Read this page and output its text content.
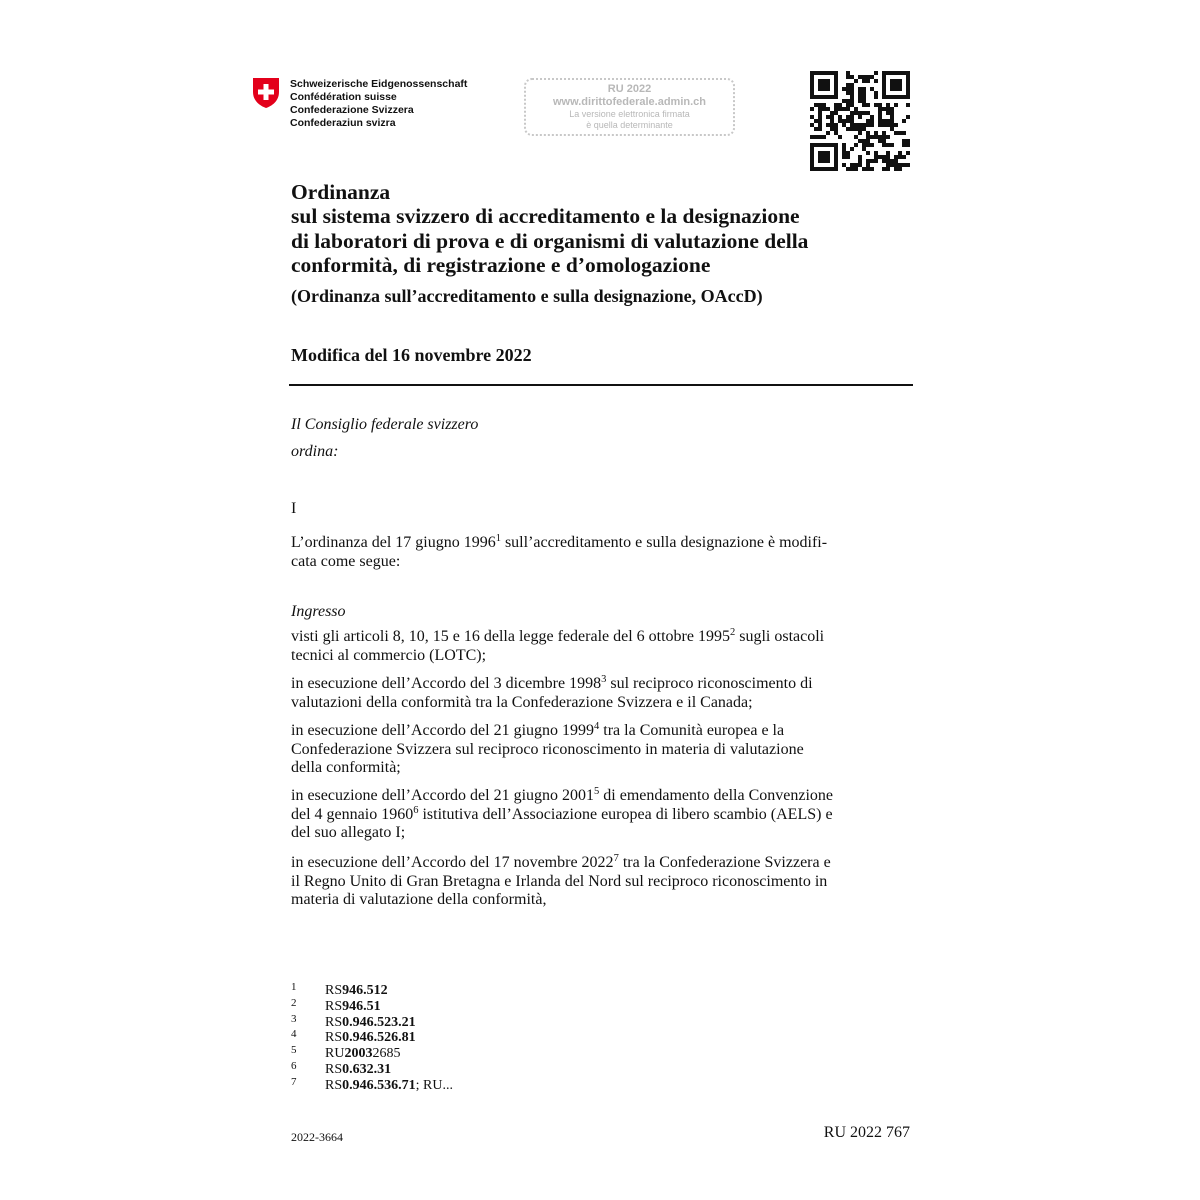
Schweizerische Eidgenossenschaft
Confédération suisse
Confederazione Svizzera
Confederaziun svizra
RU 2022
www.dirittofederale.admin.ch
La versione elettronica firmata
è quella determinante
Ordinanza
sul sistema svizzero di accreditamento e la designazione
di laboratori di prova e di organismi di valutazione della
conformità, di registrazione e d’omologazione
(Ordinanza sull’accreditamento e sulla designazione, OAccD)
Modifica del 16 novembre 2022
Il Consiglio federale svizzero
ordina:
I
L’ordinanza del 17 giugno 1996$^1$ sull’accreditamento e sulla designazione è modifi-
cata come segue:
Ingresso
visti gli articoli 8, 10, 15 e 16 della legge federale del 6 ottobre 1995$^2$ sugli ostacoli
tecnici al commercio (LOTC);
in esecuzione dell’Accordo del 3 dicembre 1998$^3$ sul reciproco riconoscimento di
valutazioni della conformità tra la Confederazione Svizzera e il Canada;
in esecuzione dell’Accordo del 21 giugno 1999$^4$ tra la Comunità europea e la
Confederazione Svizzera sul reciproco riconoscimento in materia di valutazione
della conformità;
in esecuzione dell’Accordo del 21 giugno 2001$^5$ di emendamento della Convenzione
del 4 gennaio 1960$^6$ istitutiva dell’Associazione europea di libero scambio (AELS) e
del suo allegato I;
in esecuzione dell’Accordo del 17 novembre 2022$^7$ tra la Confederazione Svizzera e
il Regno Unito di Gran Bretagna e Irlanda del Nord sul reciproco riconoscimento in
materia di valutazione della conformità,
1	RS 946.512
2	RS 946.51
3	RS 0.946.523.21
4	RS 0.946.526.81
5	RU 2003 2685
6	RS 0.632.31
7	RS 0.946.536.71 ; RU...
2022-3664	RU 2022 767
